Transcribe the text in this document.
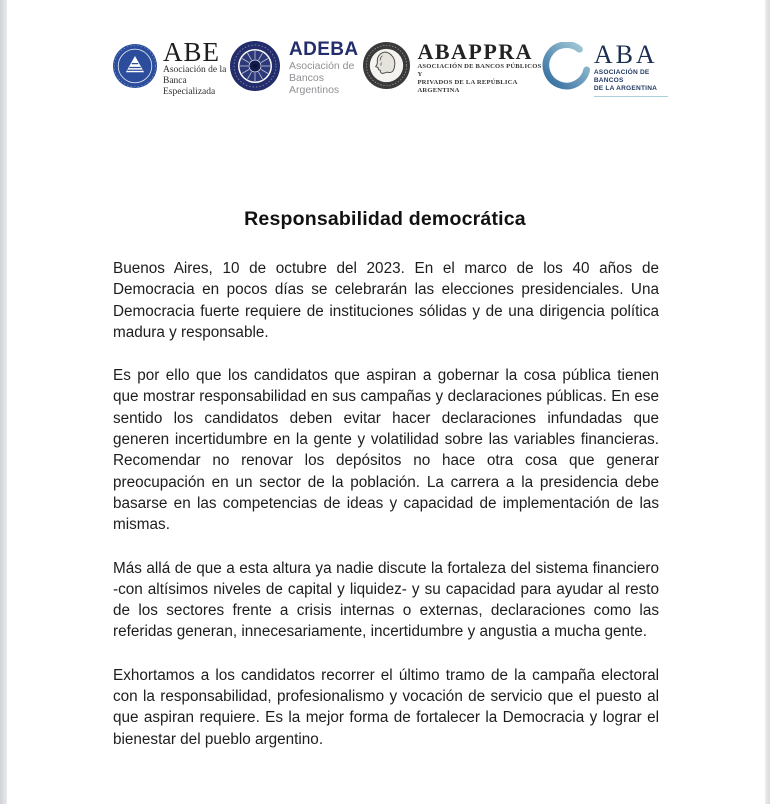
ABE
Asociación de la
Banca Especializada
ADEBA
Asociación de
Bancos Argentinos
ABAPPRA
ASOCIACIÓN DE BANCOS PÚBLICOS Y
PRIVADOS DE LA REPÚBLICA ARGENTINA
ABA
ASOCIACIÓN DE BANCOS
DE LA ARGENTINA
Responsabilidad democrática

Buenos Aires, 10 de octubre del 2023. En el marco de los 40 años de Democracia en pocos días se celebrarán las elecciones presidenciales. Una Democracia fuerte requiere de instituciones sólidas y de una dirigencia política madura y responsable.

Es por ello que los candidatos que aspiran a gobernar la cosa pública tienen que mostrar responsabilidad en sus campañas y declaraciones públicas. En ese sentido los candidatos deben evitar hacer declaraciones infundadas que generen incertidumbre en la gente y volatilidad sobre las variables financieras. Recomendar no renovar los depósitos no hace otra cosa que generar preocupación en un sector de la población. La carrera a la presidencia debe basarse en las competencias de ideas y capacidad de implementación de las mismas.

Más allá de que a esta altura ya nadie discute la fortaleza del sistema financiero -con altísimos niveles de capital y liquidez- y su capacidad para ayudar al resto de los sectores frente a crisis internas o externas, declaraciones como las referidas generan, innecesariamente, incertidumbre y angustia a mucha gente.

Exhortamos a los candidatos recorrer el último tramo de la campaña electoral con la responsabilidad, profesionalismo y vocación de servicio que el puesto al que aspiran requiere. Es la mejor forma de fortalecer la Democracia y lograr el bienestar del pueblo argentino.
